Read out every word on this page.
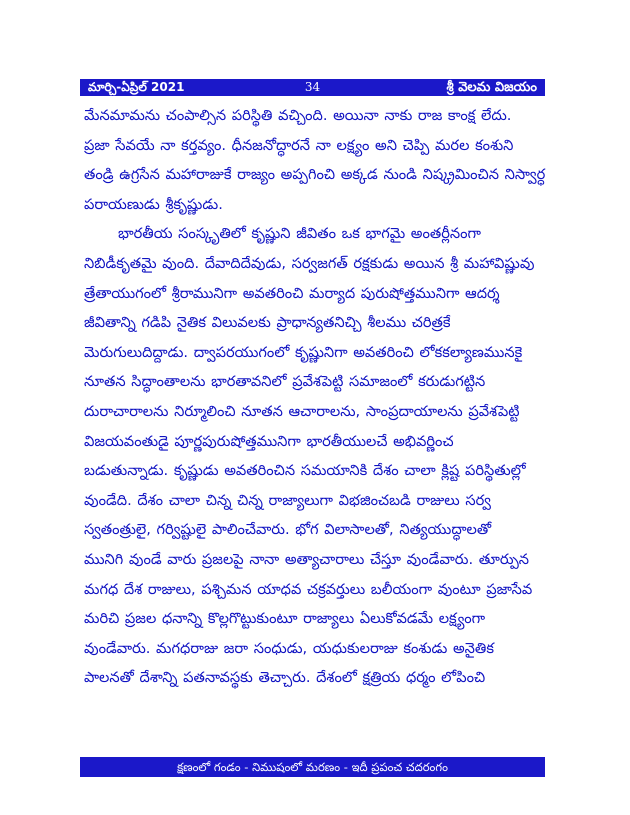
మార్చి-ఏప్రిల్ 2021	34	శ్రీ వెలమ విజయం
మేనమామను చంపాల్సిన పరిస్థితి వచ్చింది. అయినా నాకు రాజ కాంక్ష లేదు.
ప్రజా సేవయే నా కర్తవ్యం. ధీనజనోద్ధారనే నా లక్ష్యం అని చెప్పి మరల కంశుని
తండ్రి ఉగ్రసేన మహారాజుకే రాజ్యం అప్పగించి అక్కడ నుండి నిష్క్రమించిన నిస్వార్ధ
పరాయణుడు శ్రీకృష్ణుడు.
భారతీయ సంస్కృతిలో కృష్ణుని జీవితం ఒక భాగమై అంతర్లీనంగా
నిబిడీకృతమై వుంది. దేవాదిదేవుడు, సర్వజగత్ రక్షకుడు అయిన శ్రీ మహావిష్ణువు
త్రేతాయుగంలో శ్రీరామునిగా అవతరించి మర్యాద పురుషోత్తమునిగా ఆదర్శ
జీవితాన్ని గడిపి నైతిక విలువలకు ప్రాధాన్యతనిచ్చి శీలము చరిత్రకే
మెరుగులుదిద్దాడు. ద్వాపరయుగంలో కృష్ణునిగా అవతరించి లోకకల్యాణమునకై
నూతన సిద్ధాంతాలను భారతావనిలో ప్రవేశపెట్టి సమాజంలో కరుడుగట్టిన
దురాచారాలను నిర్మూలించి నూతన ఆచారాలను, సాంప్రదాయాలను ప్రవేశపెట్టి
విజయవంతుడై పూర్ణపురుషోత్తమునిగా భారతీయులచే అభివర్ణించ
బడుతున్నాడు. కృష్ణుడు అవతరించిన సమయానికి దేశం చాలా క్లిష్ట పరిస్థితుల్లో
వుండేది. దేశం చాలా చిన్న చిన్న రాజ్యాలుగా విభజించబడి రాజులు సర్వ
స్వతంత్రులై, గర్విష్టులై పాలించేవారు. భోగ విలాసాలతో, నిత్యయుద్ధాలతో
మునిగి వుండే వారు ప్రజలపై నానా అత్యాచారాలు చేస్తూ వుండేవారు. తూర్పున
మగధ దేశ రాజులు, పశ్చిమన యాధవ చక్రవర్తులు బలీయంగా వుంటూ ప్రజాసేవ
మరిచి ప్రజల ధనాన్ని కొల్లగొట్టుకుంటూ రాజ్యాలు ఏలుకోవడమే లక్ష్యంగా
వుండేవారు. మగధరాజు జరా సంధుడు, యధుకులరాజు కంశుడు అనైతిక
పాలనతో దేశాన్ని పతనావస్థకు తెచ్చారు. దేశంలో క్షత్రియ ధర్మం లోపించి
క్షణంలో గండం - నిముషంలో మరణం - ఇదీ ప్రపంచ చదరంగం
